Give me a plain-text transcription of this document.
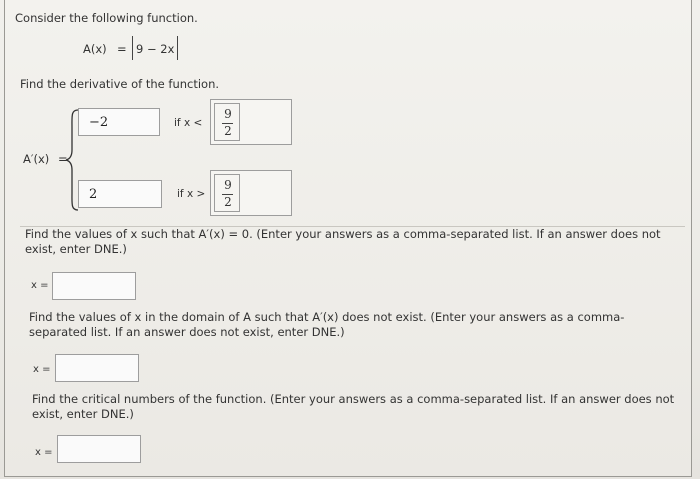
Consider the following function.
A(x) = 9 − 2x
Find the derivative of the function.
A′(x) =
−2	if x <
9
2
2	if x >
9
2
Find the values of x such that A′(x) = 0. (Enter your answers as a comma-separated list. If an answer does not exist, enter DNE.)
x =
Find the values of x in the domain of A such that A′(x) does not exist. (Enter your answers as a comma-separated list. If an answer does not exist, enter DNE.)
x =
Find the critical numbers of the function. (Enter your answers as a comma-separated list. If an answer does not exist, enter DNE.)
x =
